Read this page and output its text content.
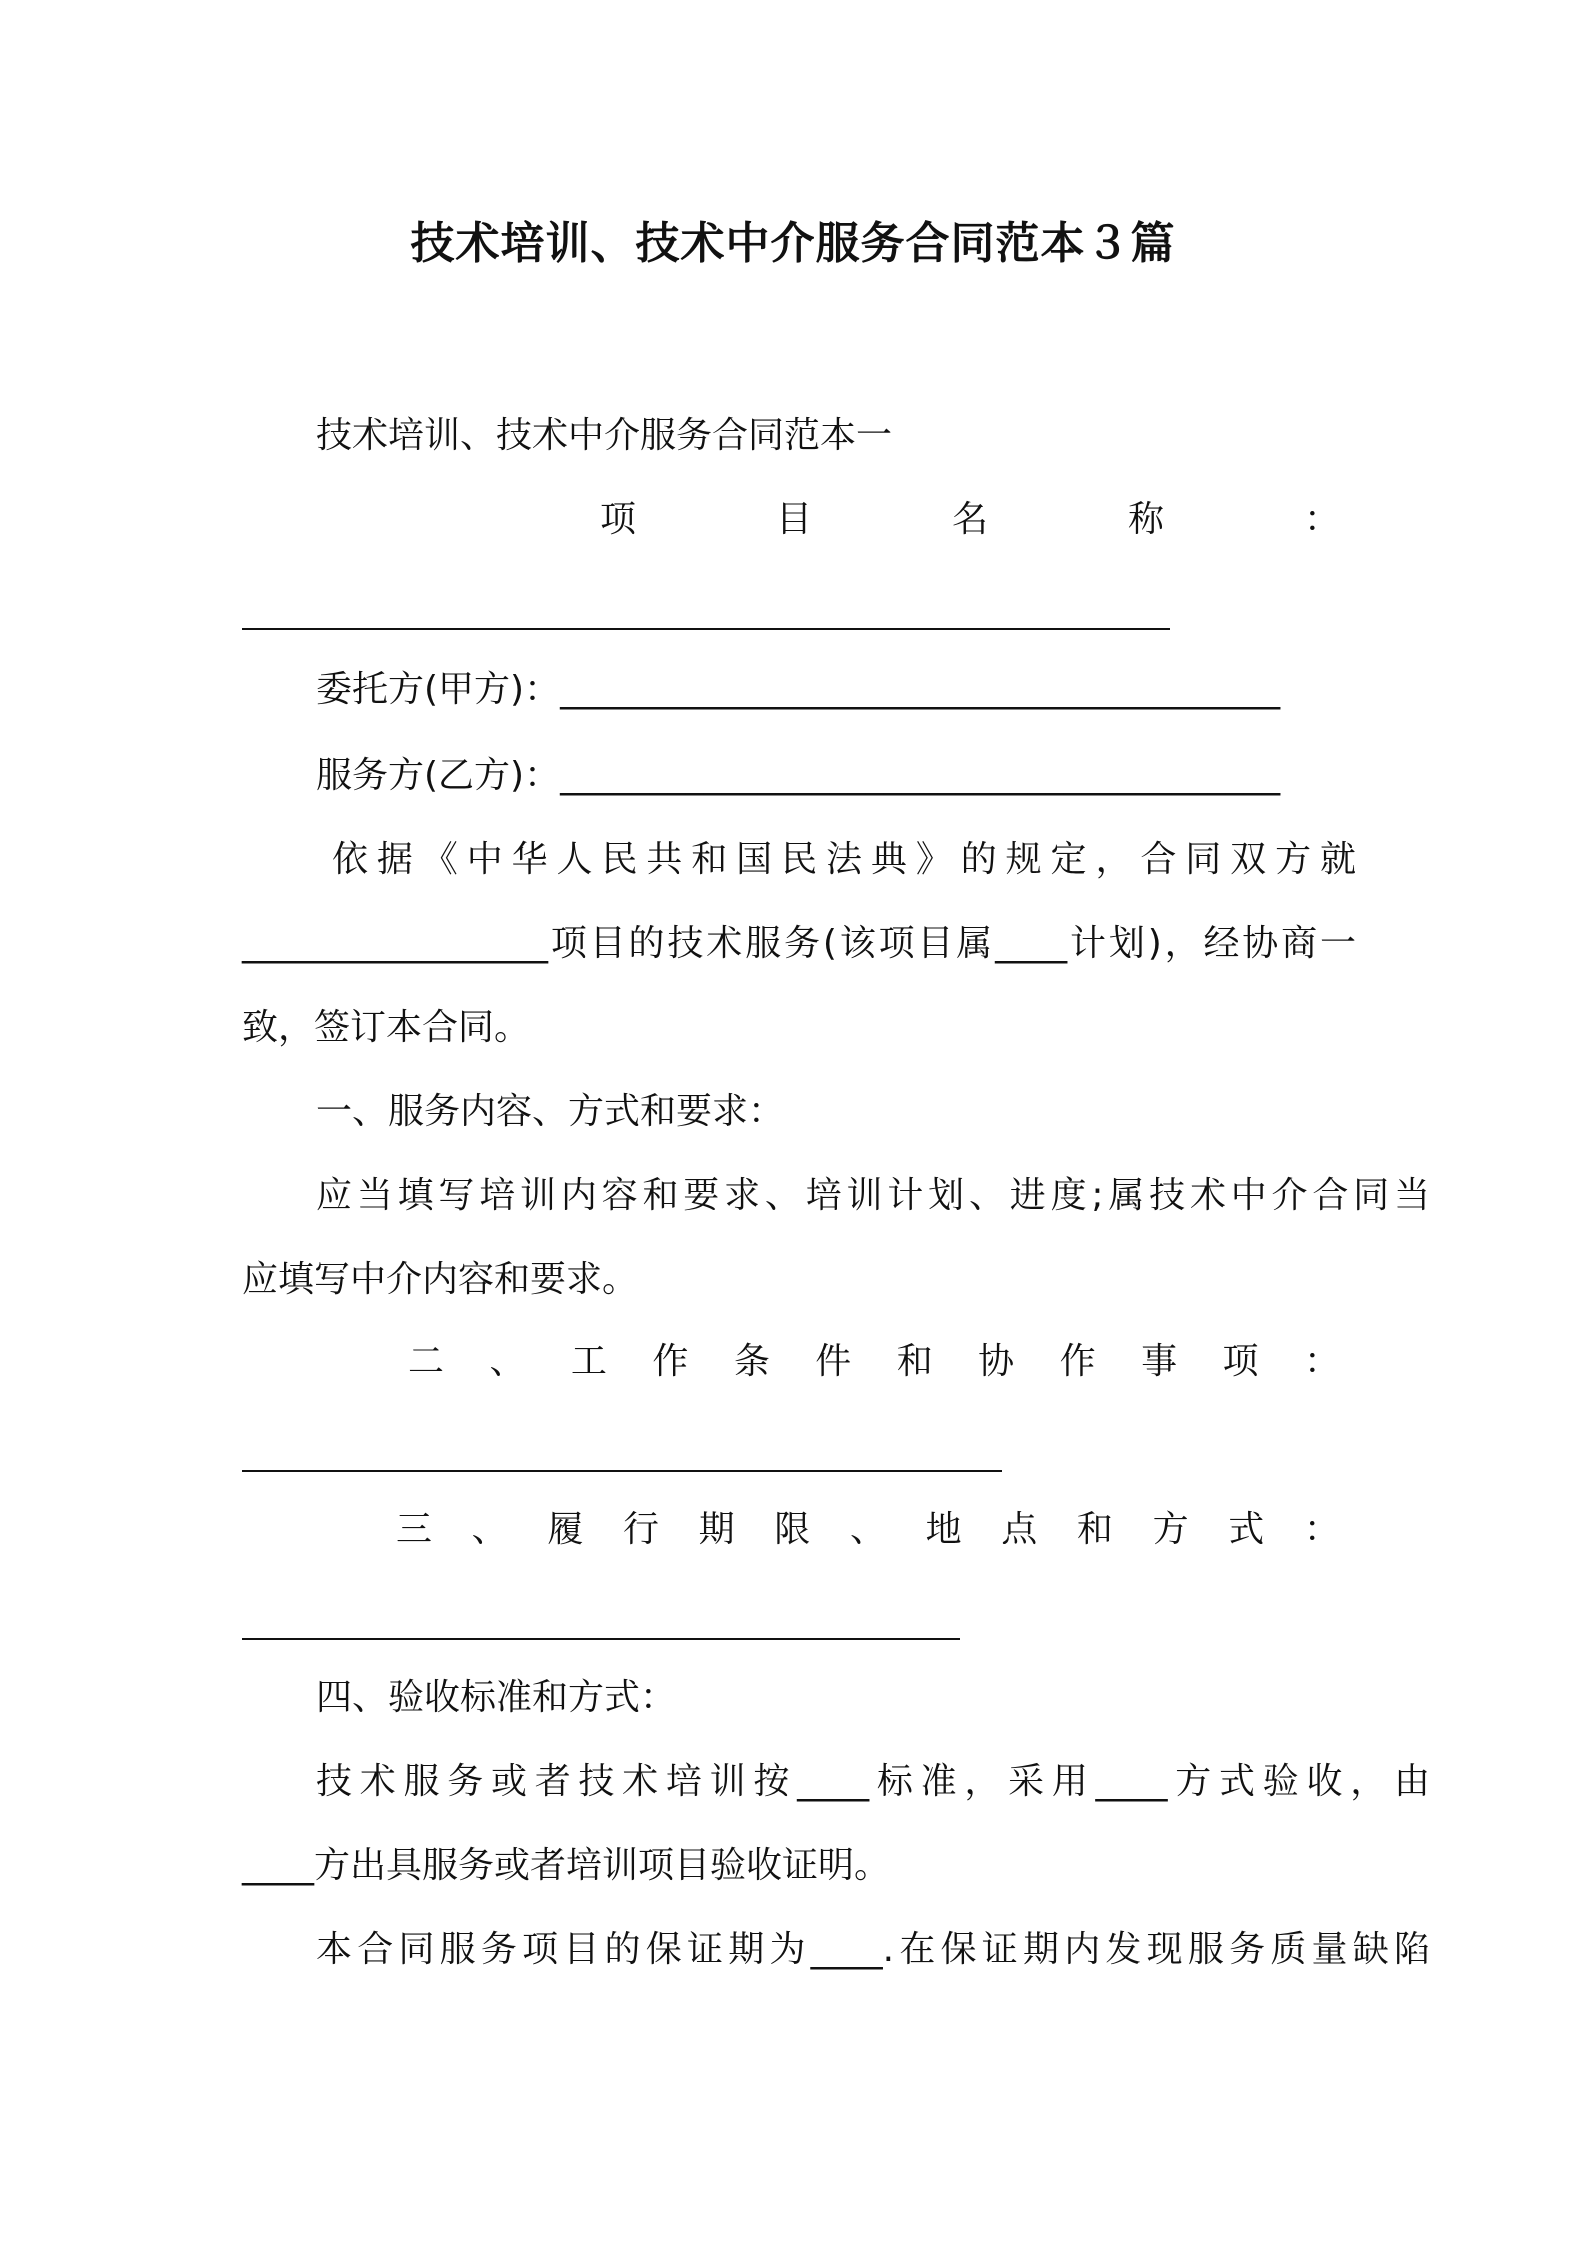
技术培训、技术中介服务合同范本３篇
技术培训、技术中介服务合同范本一
项	目	名	称	：
委托方(甲方)：________________________________________
服务方(乙方)：________________________________________
依据《中华人民共和国民法典》的规定，合同双方就
_________________项目的技术服务(该项目属____计划)，经协商一
致，签订本合同。
一、服务内容、方式和要求：
应当填写培训内容和要求、培训计划、进度;属技术中介合同当
应填写中介内容和要求。
二 、 工 作 条 件 和 协 作 事 项 ：
三 、 履 行 期 限 、 地 点 和 方 式 ：
四、验收标准和方式：
技术服务或者技术培训按____标准，采用____方式验收，由
____方出具服务或者培训项目验收证明。
本合同服务项目的保证期为____.在保证期内发现服务质量缺陷
